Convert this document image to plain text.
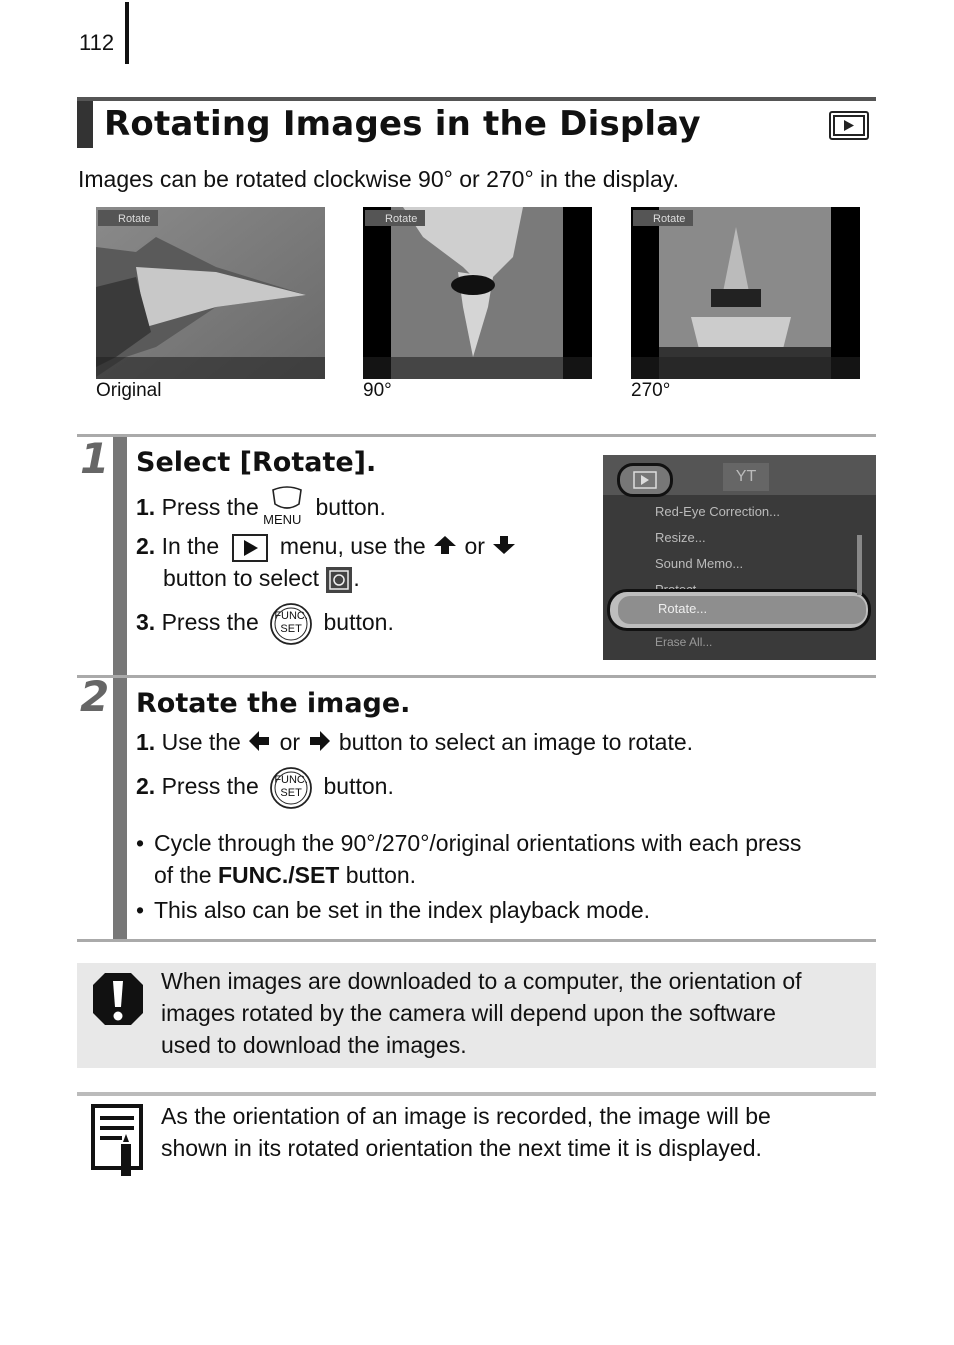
112
Rotating Images in the Display
Images can be rotated clockwise 90° or 270° in the display.
Rotate	Rotate	Rotate
Original	90°	270°
1 Select [Rotate].
1. Press the MENU button.
2. In the	menu, use the or
button to select .
3. Press the	FUNC.
SET button.
YT
Red-Eye Correction...
Resize...
Sound Memo...
Rotate...
Erase All...
2 Rotate the image.
1. Use the or button to select an image to rotate.
2. Press the	FUNC.
SET button.
• Cycle through the 90°/270°/original orientations with each press
of the FUNC./SET button.
• This also can be set in the index playback mode.
When images are downloaded to a computer, the orientation of
images rotated by the camera will depend upon the software
used to download the images.
As the orientation of an image is recorded, the image will be
shown in its rotated orientation the next time it is displayed.
